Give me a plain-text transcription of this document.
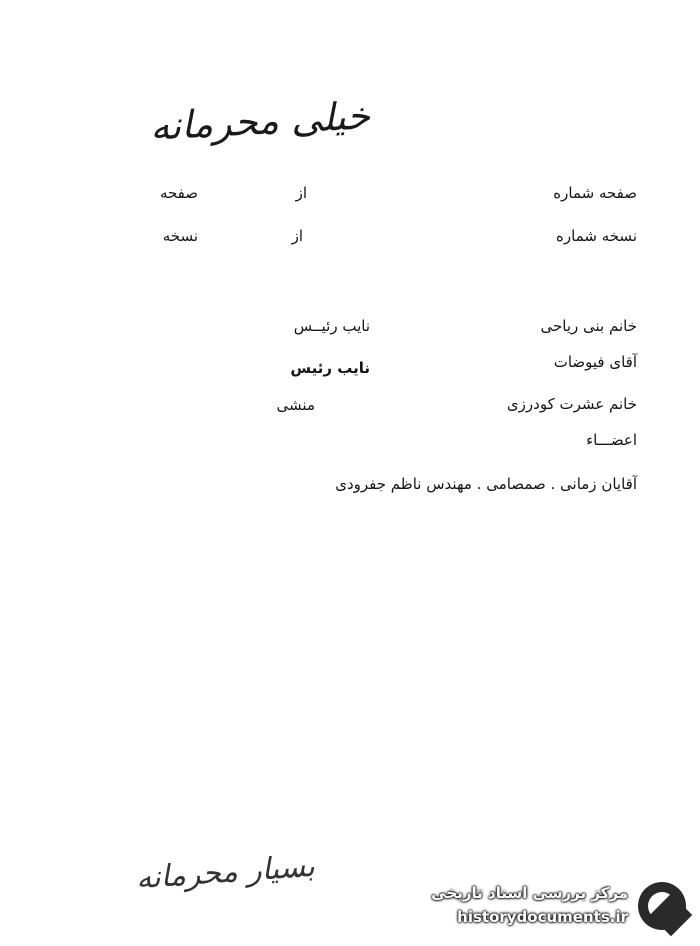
خیلی محرمانه
صفحه شماره
از
صفحه
نسخه شماره
از
نسخه
خانم بنی ریاحی
نایب رئیــس
آقای فیوضات
نایب رئیس
خانم عشرت کودرزی
منشی
اعضـــاء
آقایان زمانی . صمصامی . مهندس ناظم جفرودی
بسیار محرمانه	مرکز بررسی اسناد تاریخی
historydocuments.ir
